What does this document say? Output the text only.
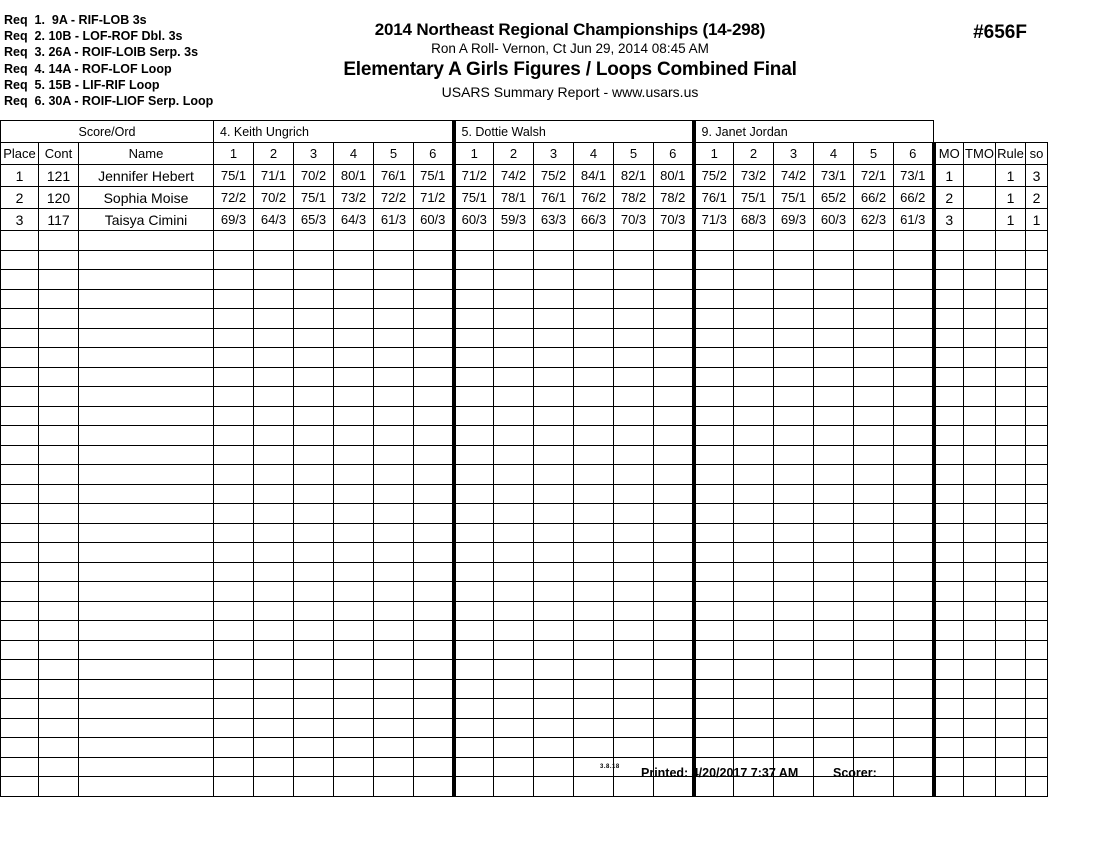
Req  1.  9A - RIF-LOB 3s
Req  2. 10B - LOF-ROF Dbl. 3s
Req  3. 26A - ROIF-LOIB Serp. 3s
Req  4. 14A - ROF-LOF Loop
Req  5. 15B - LIF-RIF Loop
Req  6. 30A - ROIF-LIOF Serp. Loop
2014 Northeast Regional Championships (14-298)
Ron A Roll- Vernon, Ct Jun 29, 2014 08:45 AM
Elementary A Girls Figures / Loops Combined Final
USARS Summary Report - www.usars.us
#656F
Score/Ord			4. Keith Ungrich						5. Dottie Walsh						9. Janet Jordan									
Place	Cont	Name	1	2	3	4	5	6	1	2	3	4	5	6	1	2	3	4	5	6	MO	TMO	Rule	so
1	121	Jennifer Hebert	75/1	71/1	70/2	80/1	76/1	75/1	71/2	74/2	75/2	84/1	82/1	80/1	75/2	73/2	74/2	73/1	72/1	73/1	1		1	3
2	120	Sophia Moise	72/2	70/2	75/1	73/2	72/2	71/2	75/1	78/1	76/1	76/2	78/2	78/2	76/1	75/1	75/1	65/2	66/2	66/2	2		1	2
3	117	Taisya Cimini	69/3	64/3	65/3	64/3	61/3	60/3	60/3	59/3	63/3	66/3	70/3	70/3	71/3	68/3	69/3	60/3	62/3	61/3	3		1	1

3.8.18 Printed: 4/20/2017 7:37 AM	Scorer:
